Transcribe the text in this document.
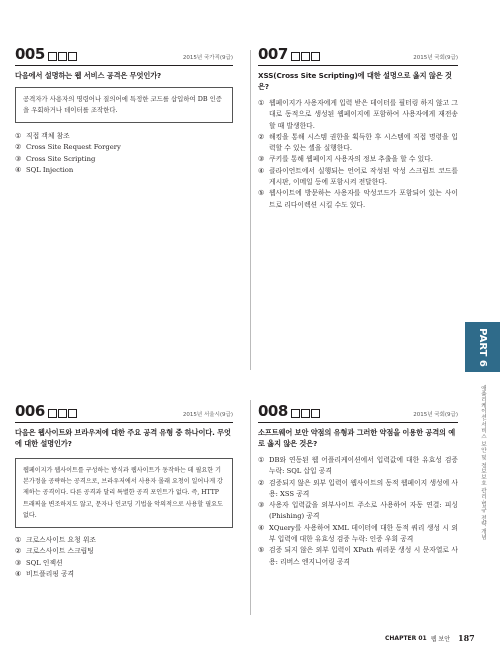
005	2015년 국가직(9급)
다음에서 설명하는 웹 서비스 공격은 무엇인가?
공격자가 사용자의 명령어나 질의어에 특정한 코드를 삽입하여 DB 인증을 우회하거나 데이터를 조작한다.
① 직접 객체 참조
② Cross Site Request Forgery
③ Cross Site Scripting
④ SQL Injection
007	2015년 국회(9급)
XSS(Cross Site Scripting)에 대한 설명으로 옳지 않은 것은?
① 웹페이지가 사용자에게 입력 받은 데이터를 필터링 하지 않고 그대로 동적으로 생성된 웹페이지에 포함하여 사용자에게 재전송할 때 발생한다.
② 해킹을 통해 시스템 권한을 획득한 후 시스템에 직접 명령을 입력할 수 있는 셸을 실행한다.
③ 쿠키를 통해 웹페이지 사용자의 정보 추출을 할 수 있다.
④ 클라이언트에서 실행되는 언어로 작성된 악성 스크립트 코드를 게시판, 이메일 등에 포함시켜 전달한다.
⑤ 웹사이트에 방문하는 사용자를 악성코드가 포함되어 있는 사이트로 리다이렉션 시킬 수도 있다.
006	2015년 서울시(9급)
다음은 웹사이트와 브라우저에 대한 주요 공격 유형 중 하나이다. 무엇에 대한 설명인가?
웹페이지가 웹사이트를 구성하는 방식과 웹사이트가 동작하는 데 필요한 기본가정을 공략하는 공격으로, 브라우저에서 사용자 몰래 요청이 일어나게 강제하는 공격이다. 다른 공격과 달리 특별한 공격 포인트가 없다. 즉, HTTP 트래픽을 변조하지도 않고, 문자나 인코딩 기법을 악의적으로 사용할 필요도 없다.
① 크로스사이트 요청 위조
② 크로스사이트 스크립팅
③ SQL 인젝션
④ 비트플리핑 공격
008	2015년 국회(9급)
소프트웨어 보안 약점의 유형과 그러한 약점을 이용한 공격의 예로 옳지 않은 것은?
① DB와 연동된 웹 어플리케이션에서 입력값에 대한 유효성 검증 누락: SQL 삽입 공격
② 검증되지 않은 외부 입력이 웹사이트의 동적 웹페이지 생성에 사용: XSS 공격
③ 사용자 입력값을 외부사이트 주소로 사용하여 자동 연결: 피싱(Phishing) 공격
④ XQuery를 사용하여 XML 데이터에 대한 동적 쿼리 생성 시 외부 입력에 대한 유효성 검증 누락: 인증 우회 공격
⑤ 검증 되지 않은 외부 입력이 XPath 쿼리문 생성 시 문자열로 사용: 리버스 엔지니어링 공격
PART 6
애플리케이션·서비스 보안 및 정보보호 관리·법규 전략 개념
CHAPTER 01 웹 보안 187
